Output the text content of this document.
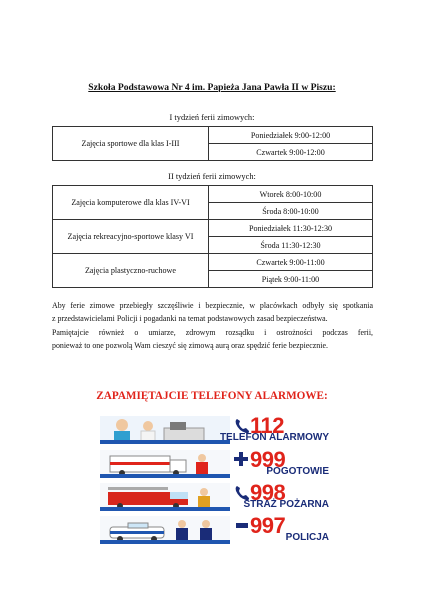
Szkoła Podstawowa Nr 4 im. Papieża Jana Pawła II w Piszu:
I tydzień ferii zimowych:
Zajęcia sportowe dla klas I-III	Poniedziałek 9:00-12:00
Czwartek 9:00-12:00
II tydzień ferii zimowych:
Zajęcia komputerowe dla klas IV-VI	Wtorek 8:00-10:00
	Środa 8:00-10:00
Zajęcia rekreacyjno-sportowe klasy VI	Poniedziałek 11:30-12:30
	Środa 11:30-12:30
Zajęcia plastyczno-ruchowe	Czwartek 9:00-11:00
	Piątek 9:00-11:00
Aby ferie zimowe przebiegły szczęśliwie i bezpiecznie, w placówkach odbyły się spotkania
z przedstawicielami Policji i pogadanki na temat podstawowych zasad bezpieczeństwa.
Pamiętajcie również o umiarze, zdrowym rozsądku i ostrożności podczas ferii,
ponieważ to one pozwolą Wam cieszyć się zimową aurą oraz spędzić ferie bezpiecznie.
ZAPAMIĘTAJCIE TELEFONY ALARMOWE:
112
TELEFON ALARMOWY
999
POGOTOWIE
998
STRAŻ POŻARNA
997 POLICJA
